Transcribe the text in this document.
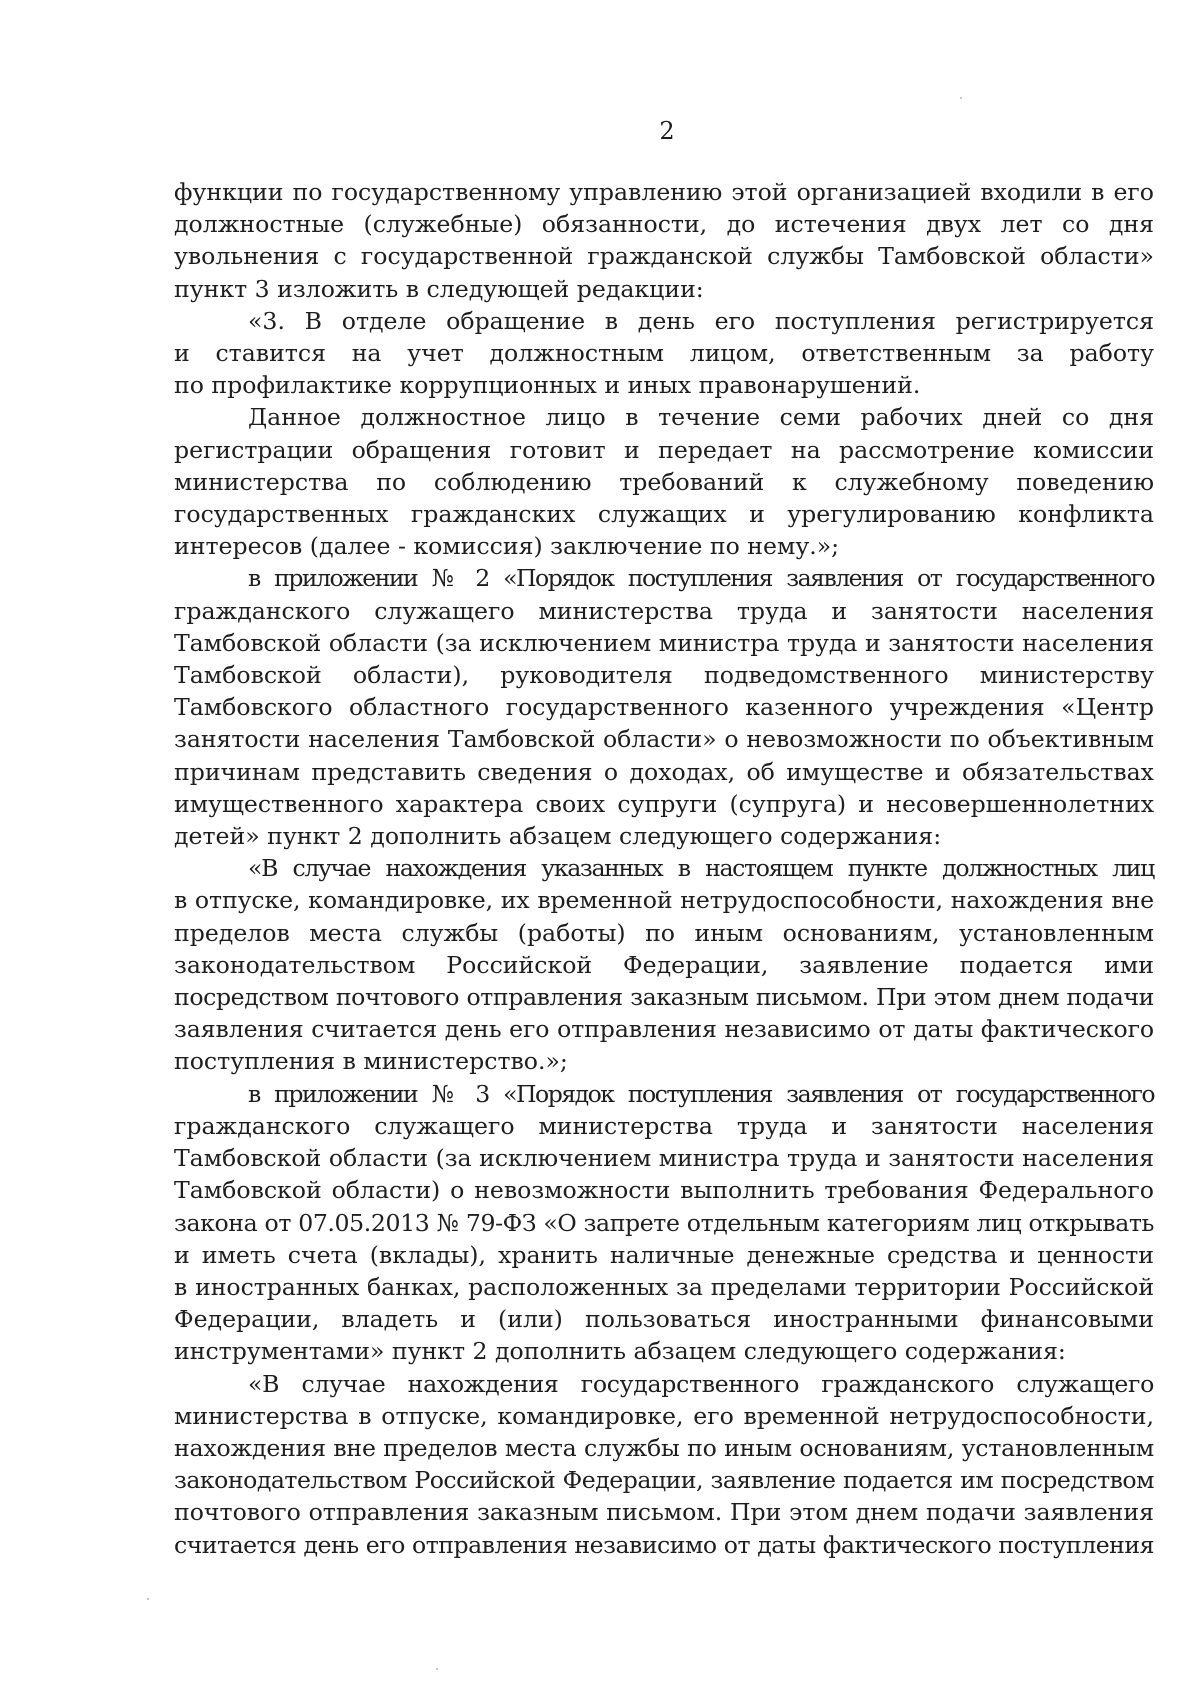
2

функции по государственному управлению этой организацией входили в его
должностные (служебные) обязанности, до истечения двух лет со дня
увольнения с государственной гражданской службы Тамбовской области»
пункт 3 изложить в следующей редакции:

«3. В отделе обращение в день его поступления регистрируется
и ставится на учет должностным лицом, ответственным за работу
по профилактике коррупционных и иных правонарушений.

Данное должностное лицо в течение семи рабочих дней со дня
регистрации обращения готовит и передает на рассмотрение комиссии
министерства по соблюдению требований к служебному поведению
государственных гражданских служащих и урегулированию конфликта
интересов (далее - комиссия) заключение по нему.»;

в приложении № 2 «Порядок поступления заявления от государственного
гражданского служащего министерства труда и занятости населения
Тамбовской области (за исключением министра труда и занятости населения
Тамбовской области), руководителя подведомственного министерству
Тамбовского областного государственного казенного учреждения «Центр
занятости населения Тамбовской области» о невозможности по объективным
причинам представить сведения о доходах, об имуществе и обязательствах
имущественного характера своих супруги (супруга) и несовершеннолетних
детей» пункт 2 дополнить абзацем следующего содержания:

«В случае нахождения указанных в настоящем пункте должностных лиц
в отпуске, командировке, их временной нетрудоспособности, нахождения вне
пределов места службы (работы) по иным основаниям, установленным
законодательством Российской Федерации, заявление подается ими
посредством почтового отправления заказным письмом. При этом днем подачи
заявления считается день его отправления независимо от даты фактического
поступления в министерство.»;

в приложении № 3 «Порядок поступления заявления от государственного
гражданского служащего министерства труда и занятости населения
Тамбовской области (за исключением министра труда и занятости населения
Тамбовской области) о невозможности выполнить требования Федерального
закона от 07.05.2013 № 79-ФЗ «О запрете отдельным категориям лиц открывать
и иметь счета (вклады), хранить наличные денежные средства и ценности
в иностранных банках, расположенных за пределами территории Российской
Федерации, владеть и (или) пользоваться иностранными финансовыми
инструментами» пункт 2 дополнить абзацем следующего содержания:

«В случае нахождения государственного гражданского служащего
министерства в отпуске, командировке, его временной нетрудоспособности,
нахождения вне пределов места службы по иным основаниям, установленным
законодательством Российской Федерации, заявление подается им посредством
почтового отправления заказным письмом. При этом днем подачи заявления
считается день его отправления независимо от даты фактического поступления
